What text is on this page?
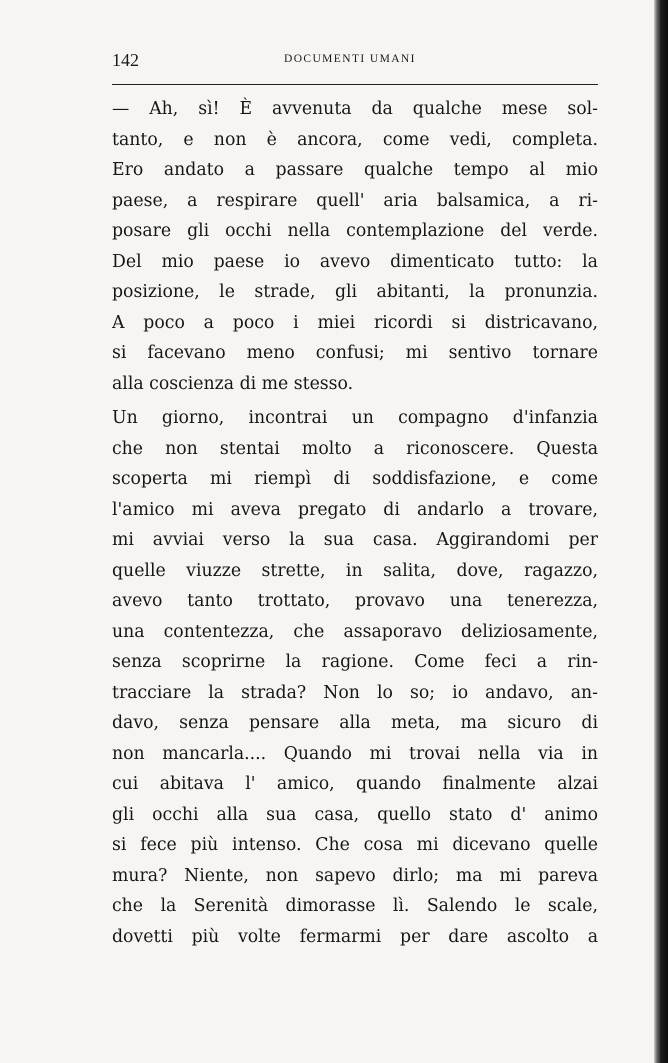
142	DOCUMENTI UMANI
— Ah, sì! È avvenuta da qualche mese sol-
tanto, e non è ancora, come vedi, completa.
Ero andato a passare qualche tempo al mio
paese, a respirare quell' aria balsamica, a ri-
posare gli occhi nella contemplazione del verde.
Del mio paese io avevo dimenticato tutto: la
posizione, le strade, gli abitanti, la pronunzia.
A poco a poco i miei ricordi si districavano,
si facevano meno confusi; mi sentivo tornare
alla coscienza di me stesso.
Un giorno, incontrai un compagno d'infanzia
che non stentai molto a riconoscere. Questa
scoperta mi riempì di soddisfazione, e come
l'amico mi aveva pregato di andarlo a trovare,
mi avviai verso la sua casa. Aggirandomi per
quelle viuzze strette, in salita, dove, ragazzo,
avevo tanto trottato, provavo una tenerezza,
una contentezza, che assaporavo deliziosamente,
senza scoprirne la ragione. Come feci a rin-
tracciare la strada? Non lo so; io andavo, an-
davo, senza pensare alla meta, ma sicuro di
non mancarla.... Quando mi trovai nella via in
cui abitava l' amico, quando finalmente alzai
gli occhi alla sua casa, quello stato d' animo
si fece più intenso. Che cosa mi dicevano quelle
mura? Niente, non sapevo dirlo; ma mi pareva
che la Serenità dimorasse lì. Salendo le scale,
dovetti più volte fermarmi per dare ascolto a
